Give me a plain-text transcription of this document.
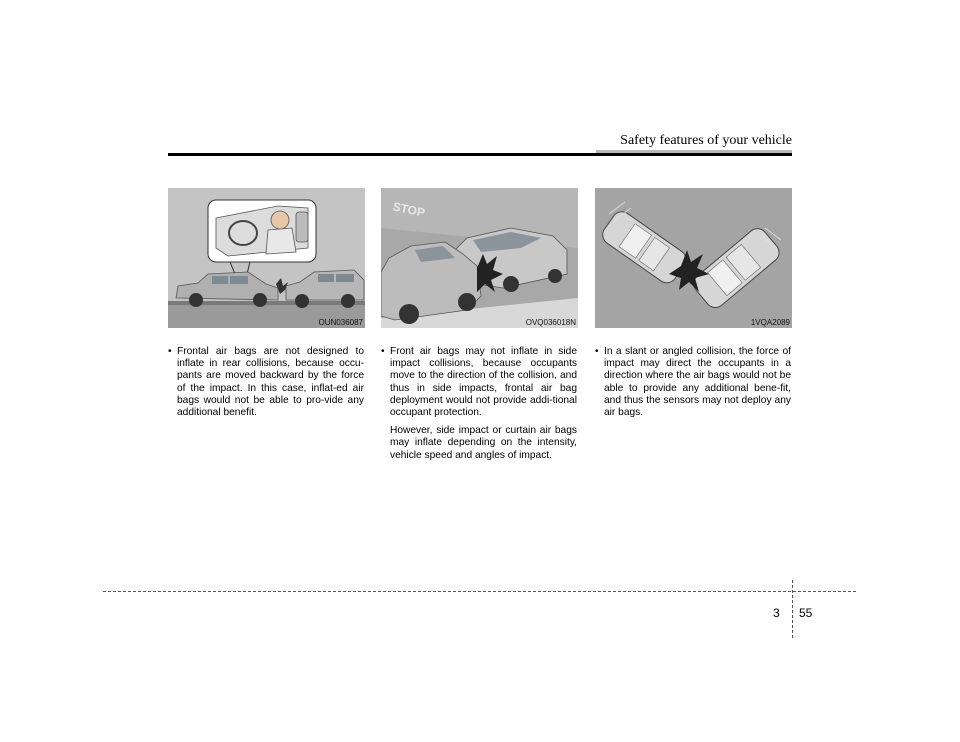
Safety features of your vehicle
OUN036087
STOP
OVQ036018N	1VQA2089

• Frontal air bags are not designed to inflate in rear collisions, because occu-pants are moved backward by the force of the impact. In this case, inflat-ed air bags would not be able to pro-vide any additional benefit.

• Front air bags may not inflate in side impact collisions, because occupants move to the direction of the collision, and thus in side impacts, frontal air bag deployment would not provide addi-tional occupant protection.

However, side impact or curtain air bags may inflate depending on the intensity, vehicle speed and angles of impact.

• In a slant or angled collision, the force of impact may direct the occupants in a direction where the air bags would not be able to provide any additional bene-fit, and thus the sensors may not deploy any air bags.

3 55
